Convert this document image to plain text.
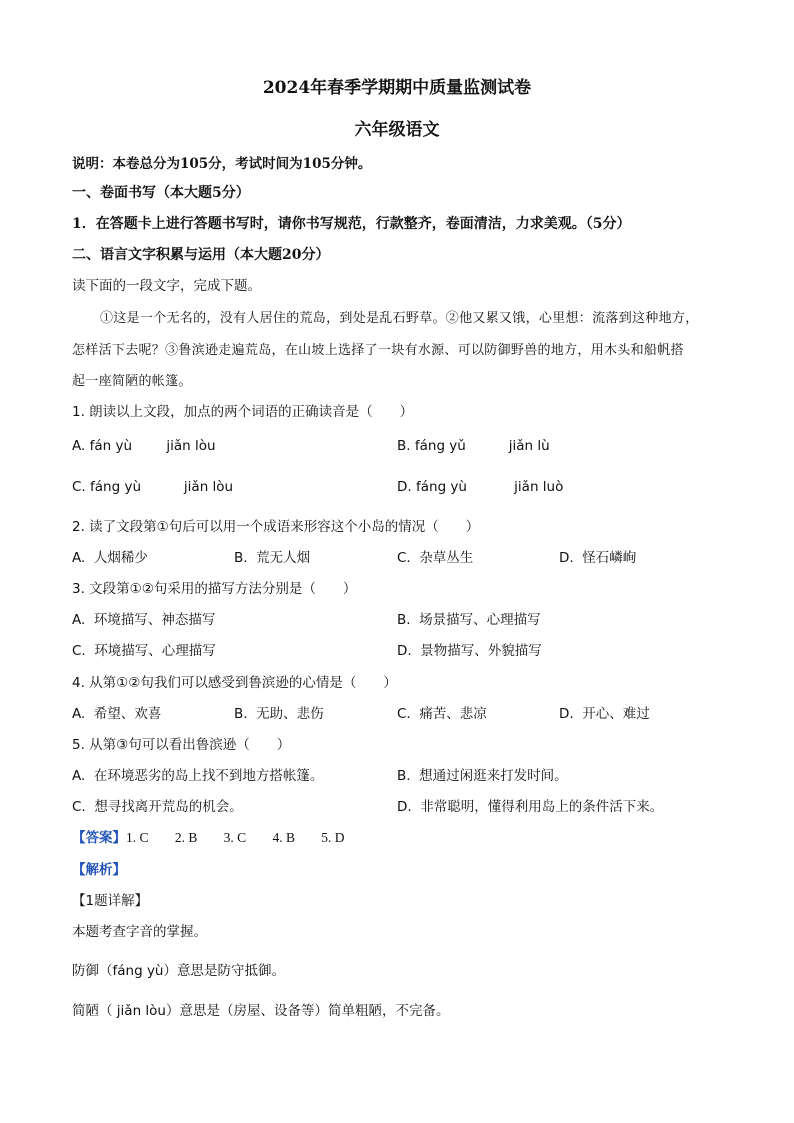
2024年春季学期期中质量监测试卷
六年级语文
说明：本卷总分为105分，考试时间为105分钟。
一、卷面书写（本大题5分）
1．在答题卡上进行答题书写时，请你书写规范，行款整齐，卷面清洁，力求美观。（5分）
二、语言文字积累与运用（本大题20分）
读下面的一段文字，完成下题。
①这是一个无名的，没有人居住的荒岛，到处是乱石野草。②他又累又饿，心里想：流落到这种地方，
怎样活下去呢？③鲁滨逊走遍荒岛，在山坡上选择了一块有水源、可以防御野兽的地方，用木头和船帆搭
起一座简陋的帐篷。
1. 朗读以上文段，加点的两个词语的正确读音是（　　）
A. fán yù        jiǎn lòu	B. fáng yǔ          jiǎn lù
C. fáng yù          jiǎn lòu	D. fáng yù           jiǎn luò
2. 读了文段第①句后可以用一个成语来形容这个小岛的情况（　　）
A. 人烟稀少	B. 荒无人烟	C. 杂草丛生	D. 怪石嶙峋
3. 文段第①②句采用的描写方法分别是（　　）
A. 环境描写、神态描写	B. 场景描写、心理描写
C. 环境描写、心理描写	D. 景物描写、外貌描写
4. 从第①②句我们可以感受到鲁滨逊的心情是（　　）
A. 希望、欢喜	B. 无助、悲伤	C. 痛苦、悲凉	D. 开心、难过
5. 从第③句可以看出鲁滨逊（　　）
A. 在环境恶劣的岛上找不到地方搭帐篷。	B. 想通过闲逛来打发时间。
C. 想寻找离开荒岛的机会。	D. 非常聪明，懂得利用岛上的条件活下来。
【答案】1. C 2. B 3. C 4. B 5. D
【解析】
【1题详解】
本题考查字音的掌握。
防御（fáng yù）意思是防守抵御。
简陋（ jiǎn lòu）意思是（房屋、设备等）简单粗陋，不完备。
